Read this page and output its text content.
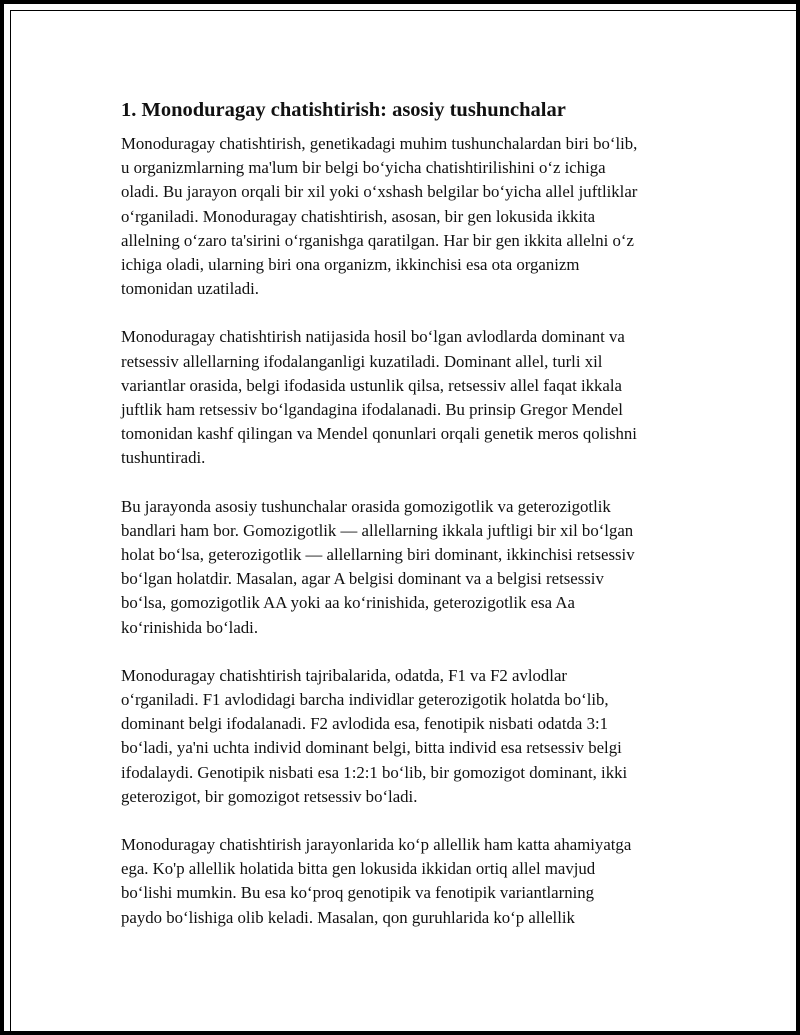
1. Monoduragay chatishtirish: asosiy tushunchalar

Monoduragay chatishtirish, genetikadagi muhim tushunchalardan biri bo‘lib,
u organizmlarning ma'lum bir belgi bo‘yicha chatishtirilishini o‘z ichiga
oladi. Bu jarayon orqali bir xil yoki o‘xshash belgilar bo‘yicha allel juftliklar
o‘rganiladi. Monoduragay chatishtirish, asosan, bir gen lokusida ikkita
allelning o‘zaro ta'sirini o‘rganishga qaratilgan. Har bir gen ikkita allelni o‘z
ichiga oladi, ularning biri ona organizm, ikkinchisi esa ota organizm
tomonidan uzatiladi.

Monoduragay chatishtirish natijasida hosil bo‘lgan avlodlarda dominant va
retsessiv allellarning ifodalanganligi kuzatiladi. Dominant allel, turli xil
variantlar orasida, belgi ifodasida ustunlik qilsa, retsessiv allel faqat ikkala
juftlik ham retsessiv bo‘lgandagina ifodalanadi. Bu prinsip Gregor Mendel
tomonidan kashf qilingan va Mendel qonunlari orqali genetik meros qolishni
tushuntiradi.

Bu jarayonda asosiy tushunchalar orasida gomozigotlik va geterozigotlik
bandlari ham bor. Gomozigotlik — allellarning ikkala juftligi bir xil bo‘lgan
holat bo‘lsa, geterozigotlik — allellarning biri dominant, ikkinchisi retsessiv
bo‘lgan holatdir. Masalan, agar A belgisi dominant va a belgisi retsessiv
bo‘lsa, gomozigotlik AA yoki aa ko‘rinishida, geterozigotlik esa Aa
ko‘rinishida bo‘ladi.

Monoduragay chatishtirish tajribalarida, odatda, F1 va F2 avlodlar
o‘rganiladi. F1 avlodidagi barcha individlar geterozigotik holatda bo‘lib,
dominant belgi ifodalanadi. F2 avlodida esa, fenotipik nisbati odatda 3:1
bo‘ladi, ya'ni uchta individ dominant belgi, bitta individ esa retsessiv belgi
ifodalaydi. Genotipik nisbati esa 1:2:1 bo‘lib, bir gomozigot dominant, ikki
geterozigot, bir gomozigot retsessiv bo‘ladi.

Monoduragay chatishtirish jarayonlarida ko‘p allellik ham katta ahamiyatga
ega. Ko'p allellik holatida bitta gen lokusida ikkidan ortiq allel mavjud
bo‘lishi mumkin. Bu esa ko‘proq genotipik va fenotipik variantlarning
paydo bo‘lishiga olib keladi. Masalan, qon guruhlarida ko‘p allellik
